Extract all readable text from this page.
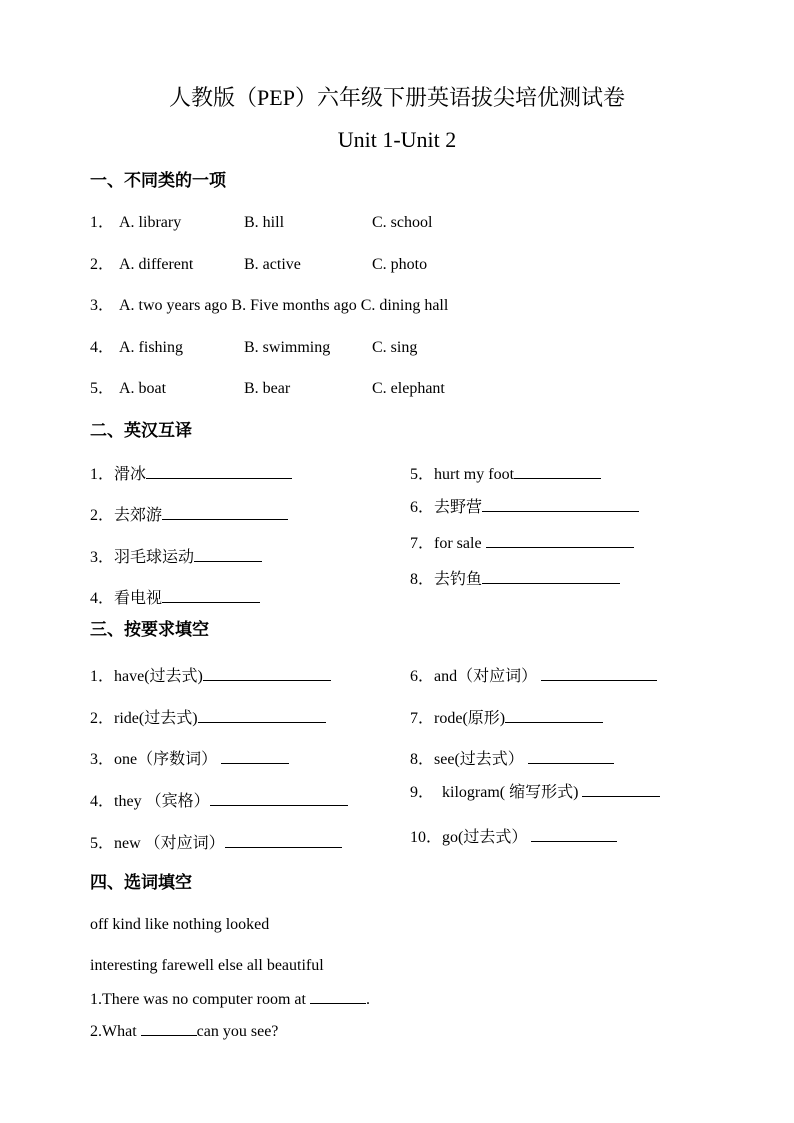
人教版（PEP）六年级下册英语拔尖培优测试卷
Unit 1-Unit 2
一、不同类的一项
1． A. library	B. hill	C. school
2． A. different	B. active	C. photo
3． A. two years ago B. Five months ago C. dining hall
4． A. fishing	B. swimming	C. sing
5． A. boat	B. bear	C. elephant
二、英汉互译
1．滑冰
2．去郊游
3．羽毛球运动
4．看电视
5．hurt my foot
6．去野营
7．for sale
8．去钓鱼
三、按要求填空
1．have(过去式)
2．ride(过去式)
3．one（序数词）
4．they （宾格）
5．new （对应词）
6．and（对应词）
7．rode(原形)
8．see(过去式）
9． kilogram( 缩写形式)
10．go(过去式）
四、选词填空
off kind like nothing looked
interesting farewell else all beautiful
1.There was no computer room at	.
2.What	can you see?
